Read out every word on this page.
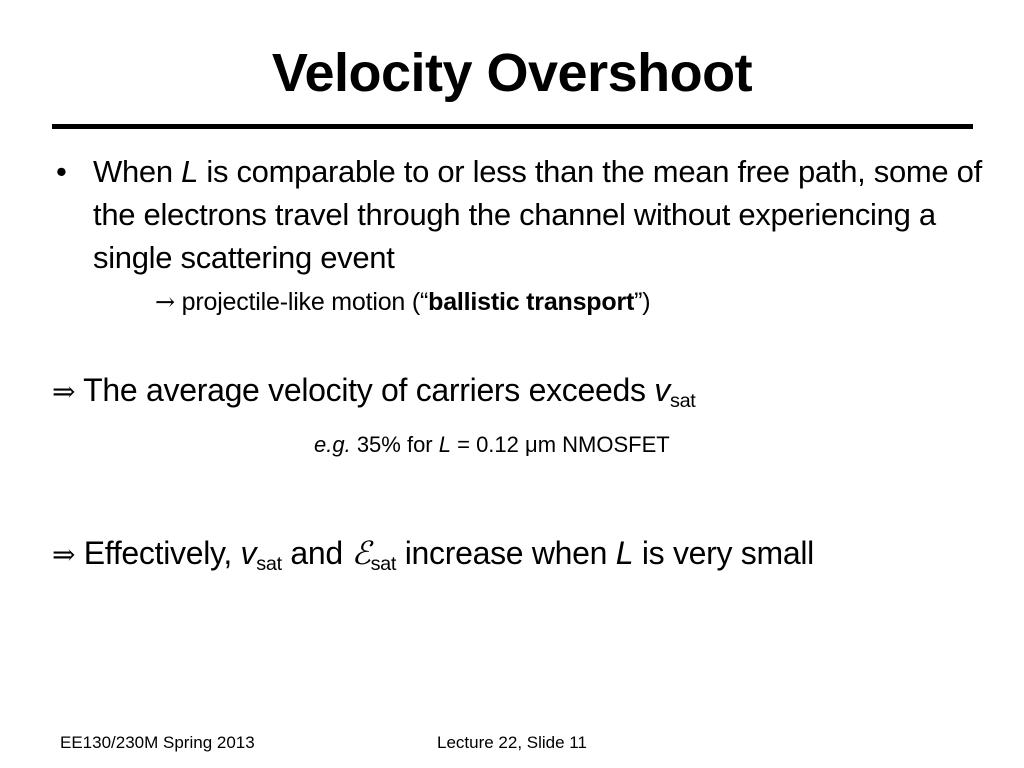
Velocity Overshoot
• When L is comparable to or less than the mean free path, some of the electrons travel through the channel without experiencing a single scattering event
→ projectile-like motion (“ballistic transport”)
⇒ The average velocity of carriers exceeds $v_{sat}$
e.g. 35% for L = 0.12 μm NMOSFET
⇒ Effectively, $v_{sat}$ and ℰ$_{sat}$ increase when L is very small
EE130/230M Spring 2013	Lecture 22, Slide 11
